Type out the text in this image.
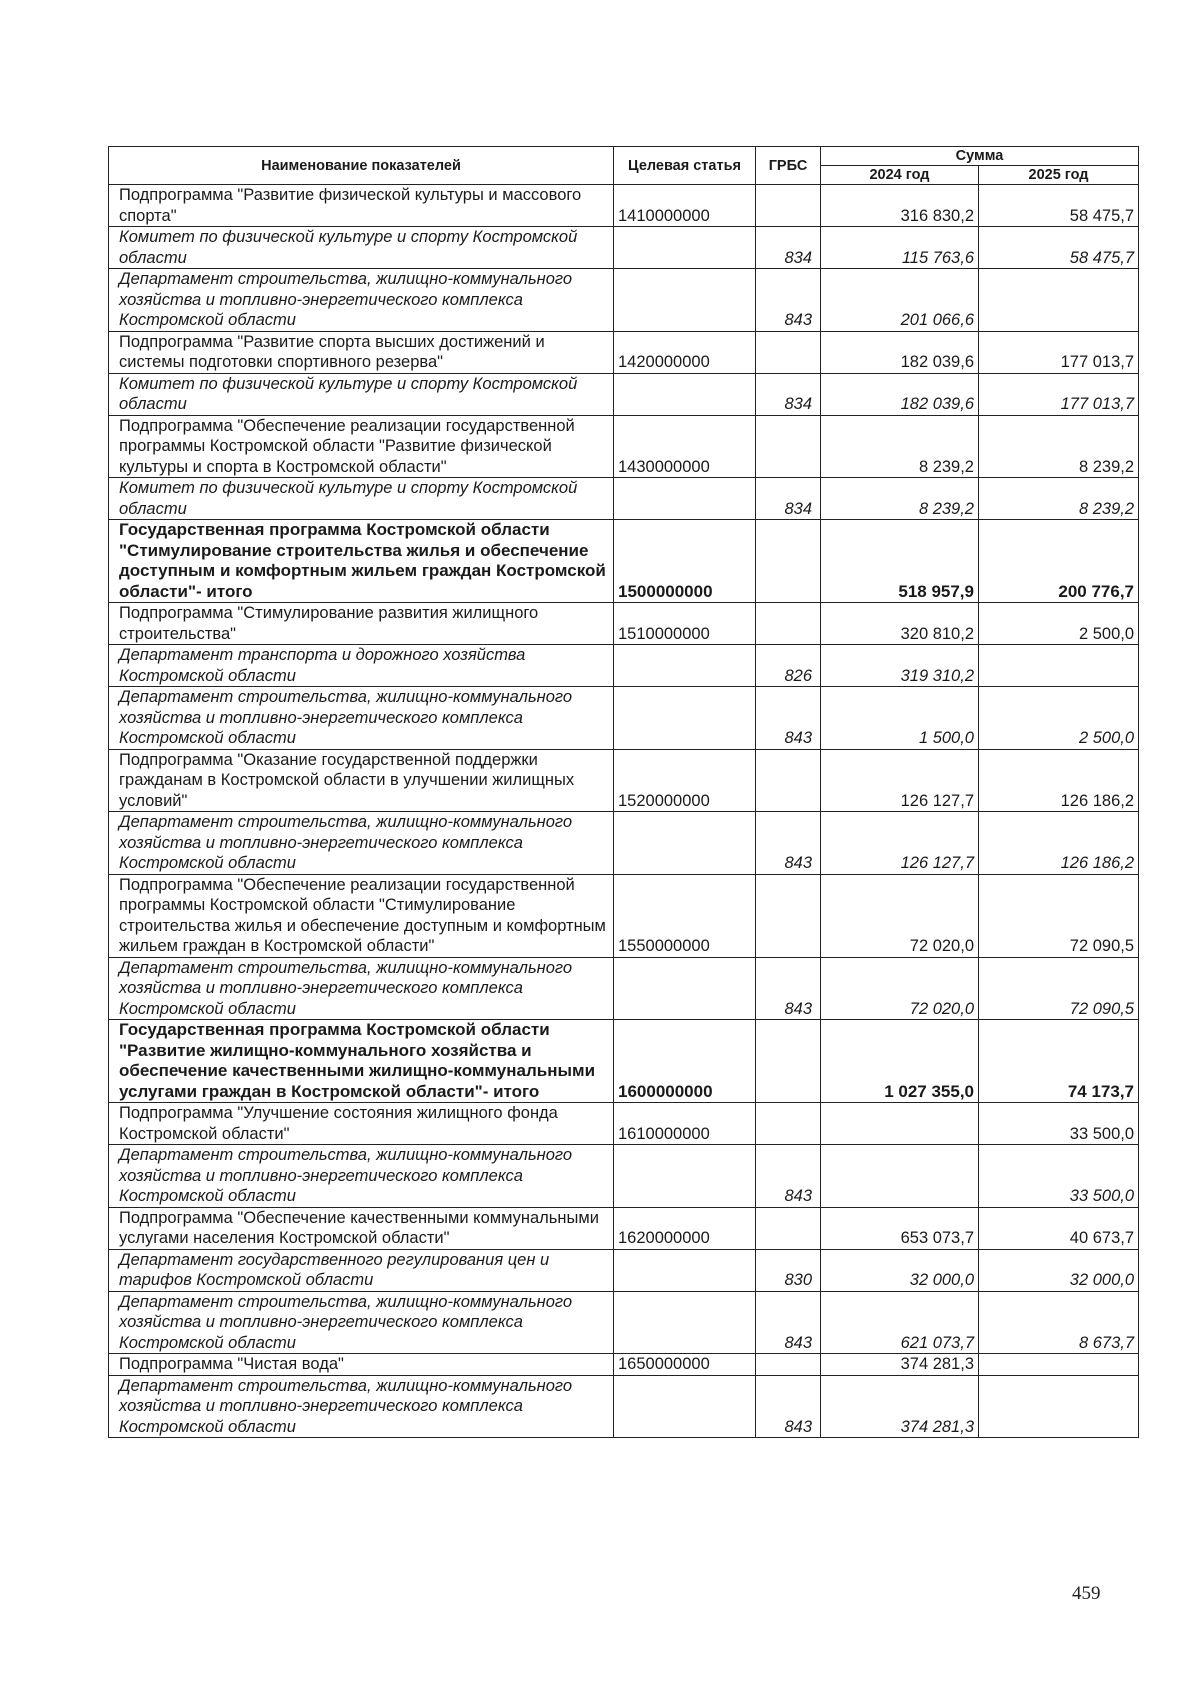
Наименование показателей	Целевая статья	ГРБС	Сумма	
			2024 год	2025 год
Подпрограмма "Развитие физической культуры и массового спорта"	1410000000		316 830,2	58 475,7
Комитет по физической культуре и спорту Костромской области		834	115 763,6	58 475,7
Департамент строительства, жилищно-коммунального хозяйства и топливно-энергетического комплекса Костромской области		843	201 066,6	
Подпрограмма "Развитие спорта высших достижений и системы подготовки спортивного резерва"	1420000000		182 039,6	177 013,7
Комитет по физической культуре и спорту Костромской области		834	182 039,6	177 013,7
Подпрограмма "Обеспечение реализации государственной программы Костромской области "Развитие физической культуры и спорта в Костромской области"	1430000000		8 239,2	8 239,2
Комитет по физической культуре и спорту Костромской области		834	8 239,2	8 239,2
Государственная программа Костромской области "Стимулирование строительства жилья и обеспечение доступным и комфортным жильем граждан Костромской области"- итого	1500000000		518 957,9	200 776,7
Подпрограмма "Стимулирование развития жилищного строительства"	1510000000		320 810,2	2 500,0
Департамент транспорта и дорожного хозяйства Костромской области		826	319 310,2	
Департамент строительства, жилищно-коммунального хозяйства и топливно-энергетического комплекса Костромской области		843	1 500,0	2 500,0
Подпрограмма "Оказание государственной поддержки гражданам в Костромской области в улучшении жилищных условий"	1520000000		126 127,7	126 186,2
Департамент строительства, жилищно-коммунального хозяйства и топливно-энергетического комплекса Костромской области		843	126 127,7	126 186,2
Подпрограмма "Обеспечение реализации государственной программы Костромской области "Стимулирование строительства жилья и обеспечение доступным и комфортным жильем граждан в Костромской области"	1550000000		72 020,0	72 090,5
Департамент строительства, жилищно-коммунального хозяйства и топливно-энергетического комплекса Костромской области		843	72 020,0	72 090,5
Государственная программа Костромской области "Развитие жилищно-коммунального хозяйства и обеспечение качественными жилищно-коммунальными услугами граждан в Костромской области"- итого	1600000000		1 027 355,0	74 173,7
Подпрограмма "Улучшение состояния жилищного фонда Костромской области"	1610000000			33 500,0
Департамент строительства, жилищно-коммунального хозяйства и топливно-энергетического комплекса Костромской области		843		33 500,0
Подпрограмма "Обеспечение качественными коммунальными услугами населения Костромской области"	1620000000		653 073,7	40 673,7
Департамент государственного регулирования цен и тарифов Костромской области		830	32 000,0	32 000,0
Департамент строительства, жилищно-коммунального хозяйства и топливно-энергетического комплекса Костромской области		843	621 073,7	8 673,7
Подпрограмма "Чистая вода"	1650000000		374 281,3	
Департамент строительства, жилищно-коммунального хозяйства и топливно-энергетического комплекса Костромской области		843	374 281,3	
459
